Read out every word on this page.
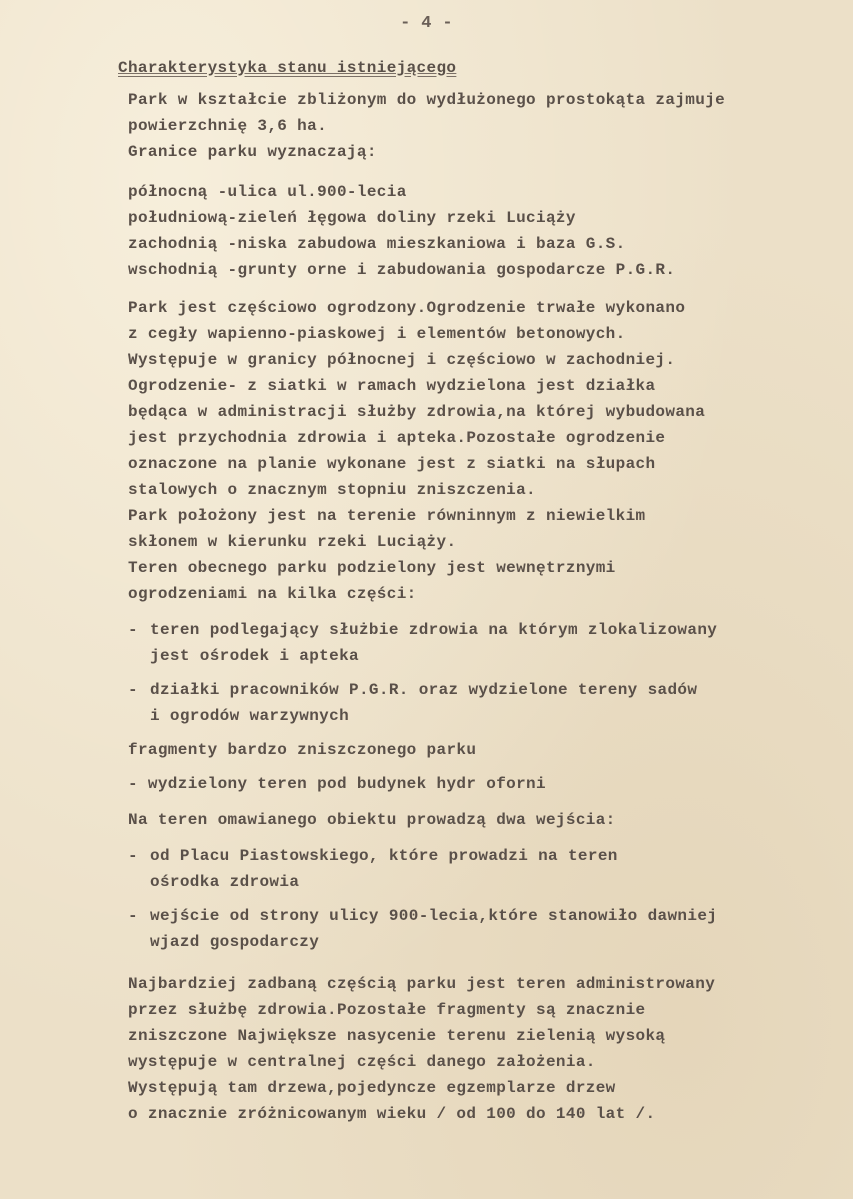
- 4 -
Charakterystyka stanu istniejącego
Park w kształcie zbliżonym do wydłużonego prostokąta zajmuje
powierzchnię 3,6 ha.
Granice parku wyznaczają:
północną -ulica ul.900-lecia
południową-zieleń łęgowa doliny rzeki Luciąży
zachodnią -niska zabudowa mieszkaniowa i baza G.S.
wschodnią -grunty orne i zabudowania gospodarcze P.G.R.
Park jest częściowo ogrodzony.Ogrodzenie trwałe wykonano
z cegły wapienno-piaskowej i elementów betonowych.
Występuje w granicy północnej i częściowo w zachodniej.
Ogrodzenie- z siatki w ramach wydzielona jest działka
będąca w administracji służby zdrowia,na której wybudowana
jest przychodnia zdrowia i apteka.Pozostałe ogrodzenie
oznaczone na planie wykonane jest z siatki na słupach
stalowych o znacznym stopniu zniszczenia.
Park położony jest na terenie równinnym z niewielkim
skłonem w kierunku rzeki Luciąży.
Teren obecnego parku podzielony jest wewnętrznymi
ogrodzeniami na kilka części:
- teren podlegający służbie zdrowia na którym zlokalizowany
jest ośrodek i apteka
- działki pracowników P.G.R. oraz wydzielone tereny sadów
i ogrodów warzywnych
fragmenty bardzo zniszczonego parku
- wydzielony teren pod budynek hydr oforni
Na teren omawianego obiektu prowadzą dwa wejścia:
- od Placu Piastowskiego, które prowadzi na teren
ośrodka zdrowia
- wejście od strony ulicy 900-lecia,które stanowiło dawniej
wjazd gospodarczy
Najbardziej zadbaną częścią parku jest teren administrowany
przez służbę zdrowia.Pozostałe fragmenty są znacznie
zniszczone Największe nasycenie terenu zielenią wysoką
występuje w centralnej części danego założenia.
Występują tam drzewa,pojedyncze egzemplarze drzew
o znacznie zróżnicowanym wieku / od 100 do 140 lat /.
